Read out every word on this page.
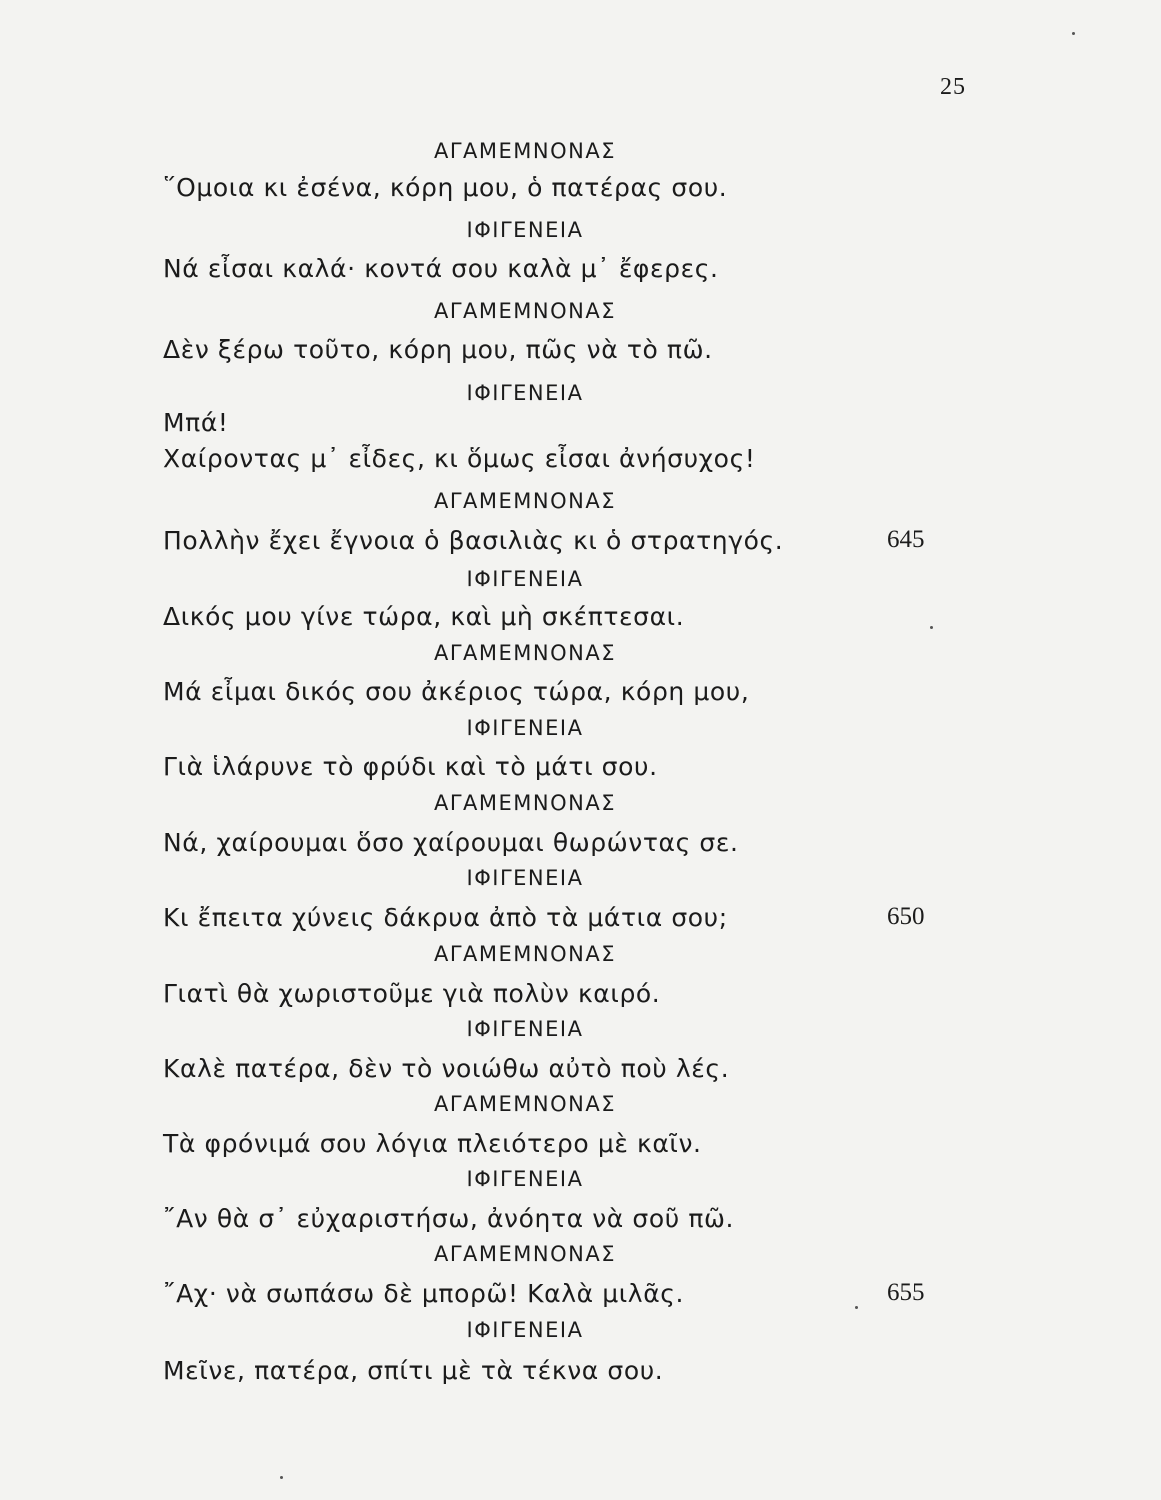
25
ΑΓΑΜΕΜΝΟΝΑΣ
῞Ομοια κι ἐσένα, κόρη μου, ὁ πατέρας σου.
ΙΦΙΓΕΝΕΙΑ
Νά εἶσαι καλά· κοντά σου καλὰ μ᾿ ἔφερες.
ΑΓΑΜΕΜΝΟΝΑΣ
Δὲν ξέρω τοῦτο, κόρη μου, πῶς νὰ τὸ πῶ.
ΙΦΙΓΕΝΕΙΑ
Μπά!
Χαίροντας μ᾿ εἶδες, κι ὅμως εἶσαι ἀνήσυχος!
ΑΓΑΜΕΜΝΟΝΑΣ
Πολλὴν ἔχει ἔγνοια ὁ βασιλιὰς κι ὁ στρατηγός.	645
ΙΦΙΓΕΝΕΙΑ
Δικός μου γίνε τώρα, καὶ μὴ σκέπτεσαι.
ΑΓΑΜΕΜΝΟΝΑΣ
Μά εἶμαι δικός σου ἀκέριος τώρα, κόρη μου,
ΙΦΙΓΕΝΕΙΑ
Γιὰ ἱλάρυνε τὸ φρύδι καὶ τὸ μάτι σου.
ΑΓΑΜΕΜΝΟΝΑΣ
Νά, χαίρουμαι ὅσο χαίρουμαι θωρώντας σε.
ΙΦΙΓΕΝΕΙΑ
Κι ἔπειτα χύνεις δάκρυα ἀπὸ τὰ μάτια σου;	650
ΑΓΑΜΕΜΝΟΝΑΣ
Γιατὶ θὰ χωριστοῦμε γιὰ πολὺν καιρό.
ΙΦΙΓΕΝΕΙΑ
Καλὲ πατέρα, δὲν τὸ νοιώθω αὐτὸ ποὺ λές.
ΑΓΑΜΕΜΝΟΝΑΣ
Τὰ φρόνιμά σου λόγια πλειότερο μὲ καῖν.
ΙΦΙΓΕΝΕΙΑ
῎Αν θὰ σ᾿ εὐχαριστήσω, ἀνόητα νὰ σοῦ πῶ.
ΑΓΑΜΕΜΝΟΝΑΣ
῎Αχ· νὰ σωπάσω δὲ μπορῶ! Καλὰ μιλᾶς.	655
ΙΦΙΓΕΝΕΙΑ
Μεῖνε, πατέρα, σπίτι μὲ τὰ τέκνα σου.
